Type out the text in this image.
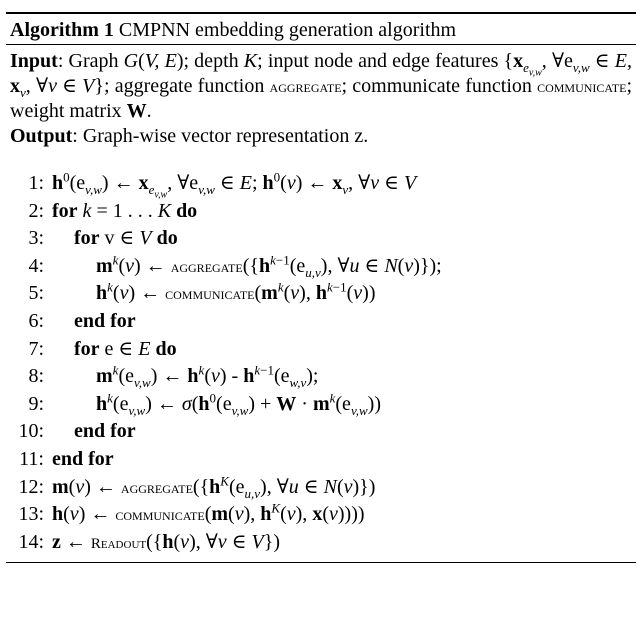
Algorithm 1 CMPNN embedding generation algorithm
Input: Graph G(V, E); depth K; input node and edge features {$x_{e_{v,w}}$, $\forall e_{v,w}$ ∈ E, $x_v$, ∀v ∈ V}; aggregate function aggregate; communicate function communicate; weight matrix W.
Output: Graph-wise vector representation z.
1: $h^0(e_{v,w})$ ← $x_{e_{v,w}}$, $\forall e_{v,w}$ ∈ E; $h^0(v)$ ← $x_v$, ∀v ∈ V
2: for k = 1 . . . K do
3:	for v ∈ V do
4:	$m^k(v)$ ← $aggregate(\{h^{k-1}(e_{u,v})$, ∀u ∈ N(v)});
5:	$h^k(v)$ ← $communicate(m^k(v)$, $h^{k-1}(v)$)
6:	end for
7:	for e ∈ E do
8:	$m^k(e_{v,w})$ ← $h^k(v) - h^{k-1}(e_{w,v})$;
9:	$h^k(e_{v,w})$ ← $\sigma(h^0(e_{v,w}) + W \cdot m^k(e_{v,w}))$
10:	end for
11: end for
12: m(v) ← $aggregate(\{h^K(e_{u,v})$, ∀u ∈ N(v)})
13: h(v) ← communicate(m(v), $h^K(v)$, x(v))))
14: z ← Readout({h(v), ∀v ∈ V})
